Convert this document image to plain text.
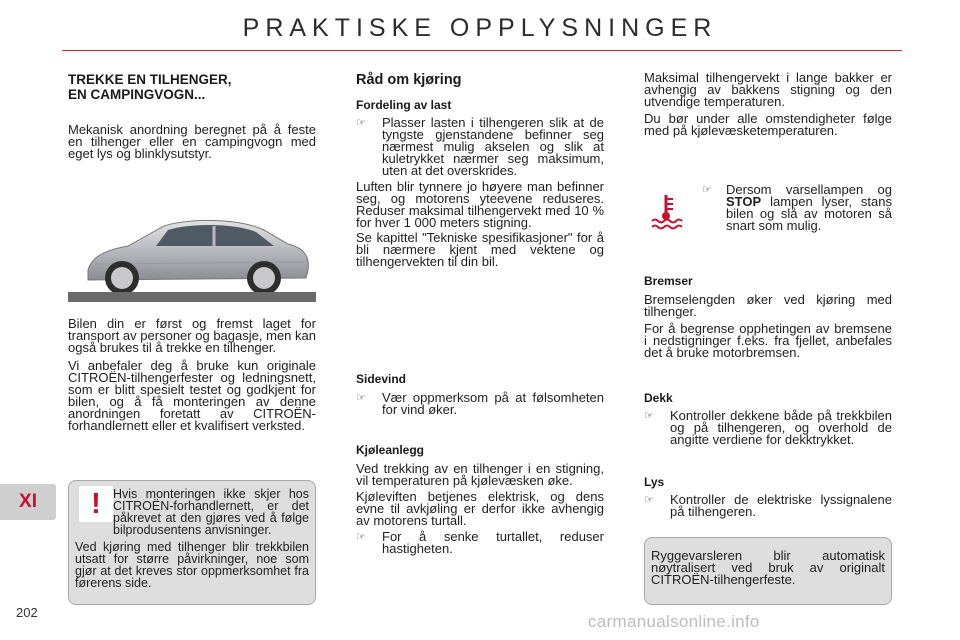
PRAKTISKE OPPLYSNINGER
XI
202	carmanualsonline.info
TREKKE EN TILHENGER,
EN CAMPINGVOGN...

Mekanisk anordning beregnet på å feste en tilhenger eller en campingvogn med eget lys og blinklysutstyr.

Bilen din er først og fremst laget for transport av personer og bagasje, men kan også brukes til å trekke en tilhenger.

Vi anbefaler deg å bruke kun originale CITROËN-tilhengerfester og ledningsnett, som er blitt spesielt testet og godkjent for bilen, og å få monteringen av denne anordningen foretatt av CITROËN-forhandlernett eller et kvalifisert verksted.

! Hvis monteringen ikke skjer hos CITROËN-forhandlernett, er det påkrevet at den gjøres ved å følge bilprodusentens anvisninger.

Ved kjøring med tilhenger blir trekkbilen utsatt for større påvirkninger, noe som gjør at det kreves stor oppmerksomhet fra førerens side.

Råd om kjøring
Fordeling av last
☞ Plasser lasten i tilhengeren slik at de tyngste gjenstandene befinner seg nærmest mulig akselen og slik at kuletrykket nærmer seg maksimum, uten at det overskrides.

Luften blir tynnere jo høyere man befinner seg, og motorens yteevene reduseres. Reduser maksimal tilhengervekt med 10 % for hver 1 000 meters stigning.

Se kapittel "Tekniske spesifikasjoner" for å bli nærmere kjent med vektene og tilhengervekten til din bil.

Sidevind
☞ Vær oppmerksom på at følsomheten for vind øker.
Kjøleanlegg

Ved trekking av en tilhenger i en stigning, vil temperaturen på kjølevæsken øke.

Kjøleviften betjenes elektrisk, og dens evne til avkjøling er derfor ikke avhengig av motorens turtall.

☞ For å senke turtallet, reduser hastigheten.

Maksimal tilhengervekt i lange bakker er avhengig av bakkens stigning og den utvendige temperaturen.

Du bør under alle omstendigheter følge med på kjølevæsketemperaturen.

☞ Dersom varsellampen og STOP lampen lyser, stans bilen og slå av motoren så snart som mulig.
Bremser

Bremselengden øker ved kjøring med tilhenger.

For å begrense opphetingen av bremsene i nedstigninger f.eks. fra fjellet, anbefales det å bruke motorbremsen.

Dekk
☞ Kontroller dekkene både på trekkbilen og på tilhengeren, og overhold de angitte verdiene for dekktrykket.
Lys
☞ Kontroller de elektriske lyssignalene på tilhengeren.

Ryggevarsleren blir automatisk nøytralisert ved bruk av originalt CITROËN-tilhengerfeste.
